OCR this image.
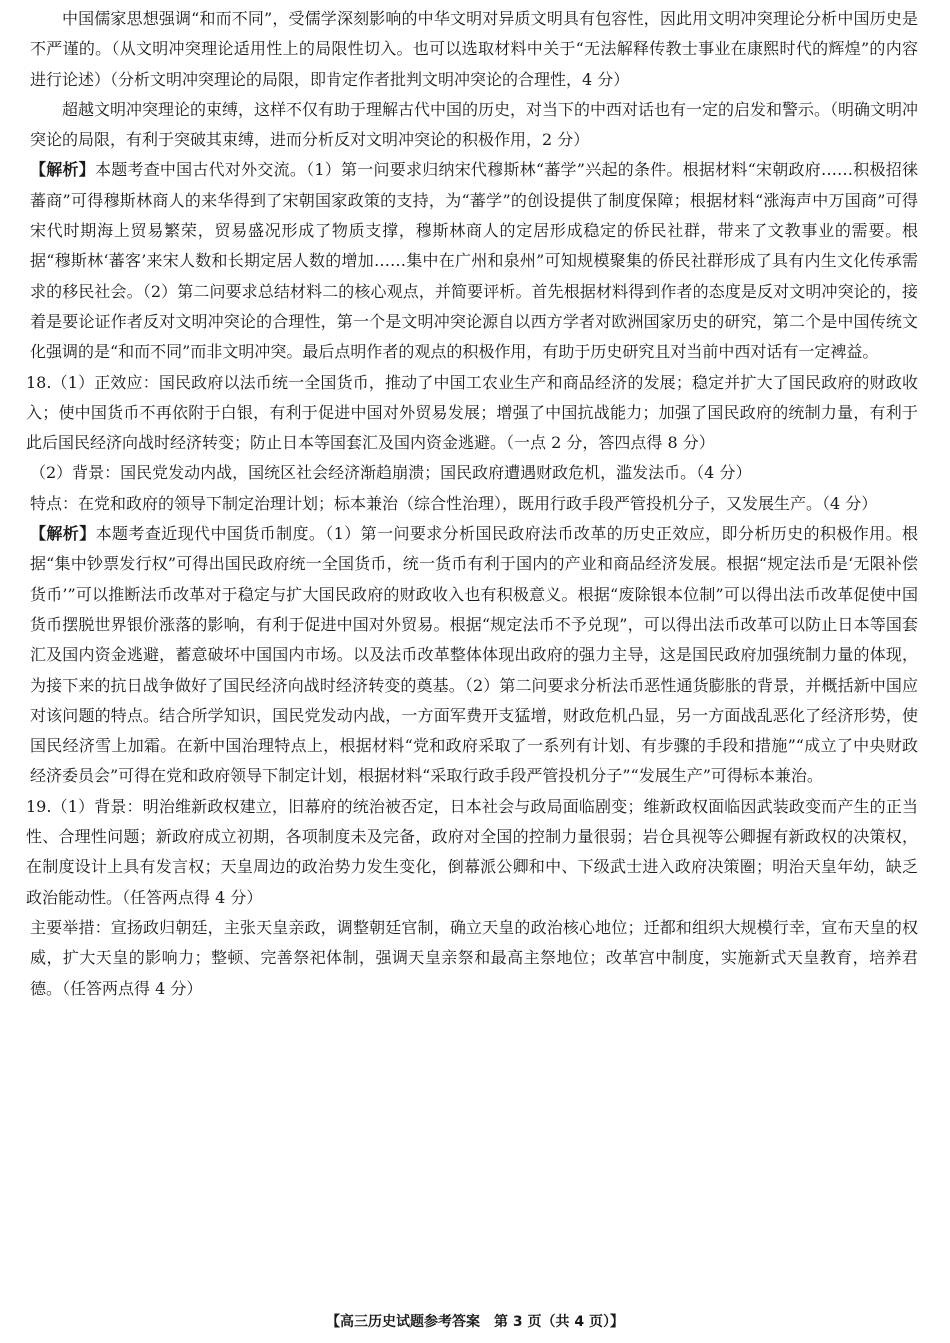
中国儒家思想强调“和而不同”，受儒学深刻影响的中华文明对异质文明具有包容性，因此用文明冲突理论分析中国历史是不严谨的。（从文明冲突理论适用性上的局限性切入。也可以选取材料中关于“无法解释传教士事业在康熙时代的辉煌”的内容进行论述）（分析文明冲突理论的局限，即肯定作者批判文明冲突论的合理性，4 分）

超越文明冲突理论的束缚，这样不仅有助于理解古代中国的历史，对当下的中西对话也有一定的启发和警示。（明确文明冲突论的局限，有利于突破其束缚，进而分析反对文明冲突论的积极作用，2 分）

【解析】本题考查中国古代对外交流。（1）第一问要求归纳宋代穆斯林“蕃学”兴起的条件。根据材料“宋朝政府……积极招徕蕃商”可得穆斯林商人的来华得到了宋朝国家政策的支持，为“蕃学”的创设提供了制度保障；根据材料“涨海声中万国商”可得宋代时期海上贸易繁荣，贸易盛况形成了物质支撑，穆斯林商人的定居形成稳定的侨民社群，带来了文教事业的需要。根据“穆斯林‘蕃客’来宋人数和长期定居人数的增加……集中在广州和泉州”可知规模聚集的侨民社群形成了具有内生文化传承需求的移民社会。（2）第二问要求总结材料二的核心观点，并简要评析。首先根据材料得到作者的态度是反对文明冲突论的，接着是要论证作者反对文明冲突论的合理性，第一个是文明冲突论源自以西方学者对欧洲国家历史的研究，第二个是中国传统文化强调的是“和而不同”而非文明冲突。最后点明作者的观点的积极作用，有助于历史研究且对当前中西对话有一定裨益。

18.（1）正效应：国民政府以法币统一全国货币，推动了中国工农业生产和商品经济的发展；稳定并扩大了国民政府的财政收入；使中国货币不再依附于白银，有利于促进中国对外贸易发展；增强了中国抗战能力；加强了国民政府的统制力量，有利于此后国民经济向战时经济转变；防止日本等国套汇及国内资金逃避。（一点 2 分，答四点得 8 分）

（2）背景：国民党发动内战，国统区社会经济渐趋崩溃；国民政府遭遇财政危机，滥发法币。（4 分）

特点：在党和政府的领导下制定治理计划；标本兼治（综合性治理），既用行政手段严管投机分子，又发展生产。（4 分）

【解析】本题考查近现代中国货币制度。（1）第一问要求分析国民政府法币改革的历史正效应，即分析历史的积极作用。根据“集中钞票发行权”可得出国民政府统一全国货币，统一货币有利于国内的产业和商品经济发展。根据“规定法币是‘无限补偿货币’”可以推断法币改革对于稳定与扩大国民政府的财政收入也有积极意义。根据“废除银本位制”可以得出法币改革促使中国货币摆脱世界银价涨落的影响，有利于促进中国对外贸易。根据“规定法币不予兑现”，可以得出法币改革可以防止日本等国套汇及国内资金逃避，蓄意破坏中国国内市场。以及法币改革整体体现出政府的强力主导，这是国民政府加强统制力量的体现，为接下来的抗日战争做好了国民经济向战时经济转变的奠基。（2）第二问要求分析法币恶性通货膨胀的背景，并概括新中国应对该问题的特点。结合所学知识，国民党发动内战，一方面军费开支猛增，财政危机凸显，另一方面战乱恶化了经济形势，使国民经济雪上加霜。在新中国治理特点上，根据材料“党和政府采取了一系列有计划、有步骤的手段和措施”“成立了中央财政经济委员会”可得在党和政府领导下制定计划，根据材料“采取行政手段严管投机分子”“发展生产”可得标本兼治。

19.（1）背景：明治维新政权建立，旧幕府的统治被否定，日本社会与政局面临剧变；维新政权面临因武装政变而产生的正当性、合理性问题；新政府成立初期，各项制度未及完备，政府对全国的控制力量很弱；岩仓具视等公卿握有新政权的决策权，在制度设计上具有发言权；天皇周边的政治势力发生变化，倒幕派公卿和中、下级武士进入政府决策圈；明治天皇年幼，缺乏政治能动性。（任答两点得 4 分）

主要举措：宣扬政归朝廷，主张天皇亲政，调整朝廷官制，确立天皇的政治核心地位；迁都和组织大规模行幸，宣布天皇的权威，扩大天皇的影响力；整顿、完善祭祀体制，强调天皇亲祭和最高主祭地位；改革宫中制度，实施新式天皇教育，培养君德。（任答两点得 4 分）

【高三历史试题参考答案　第 3 页（共 4 页）】
